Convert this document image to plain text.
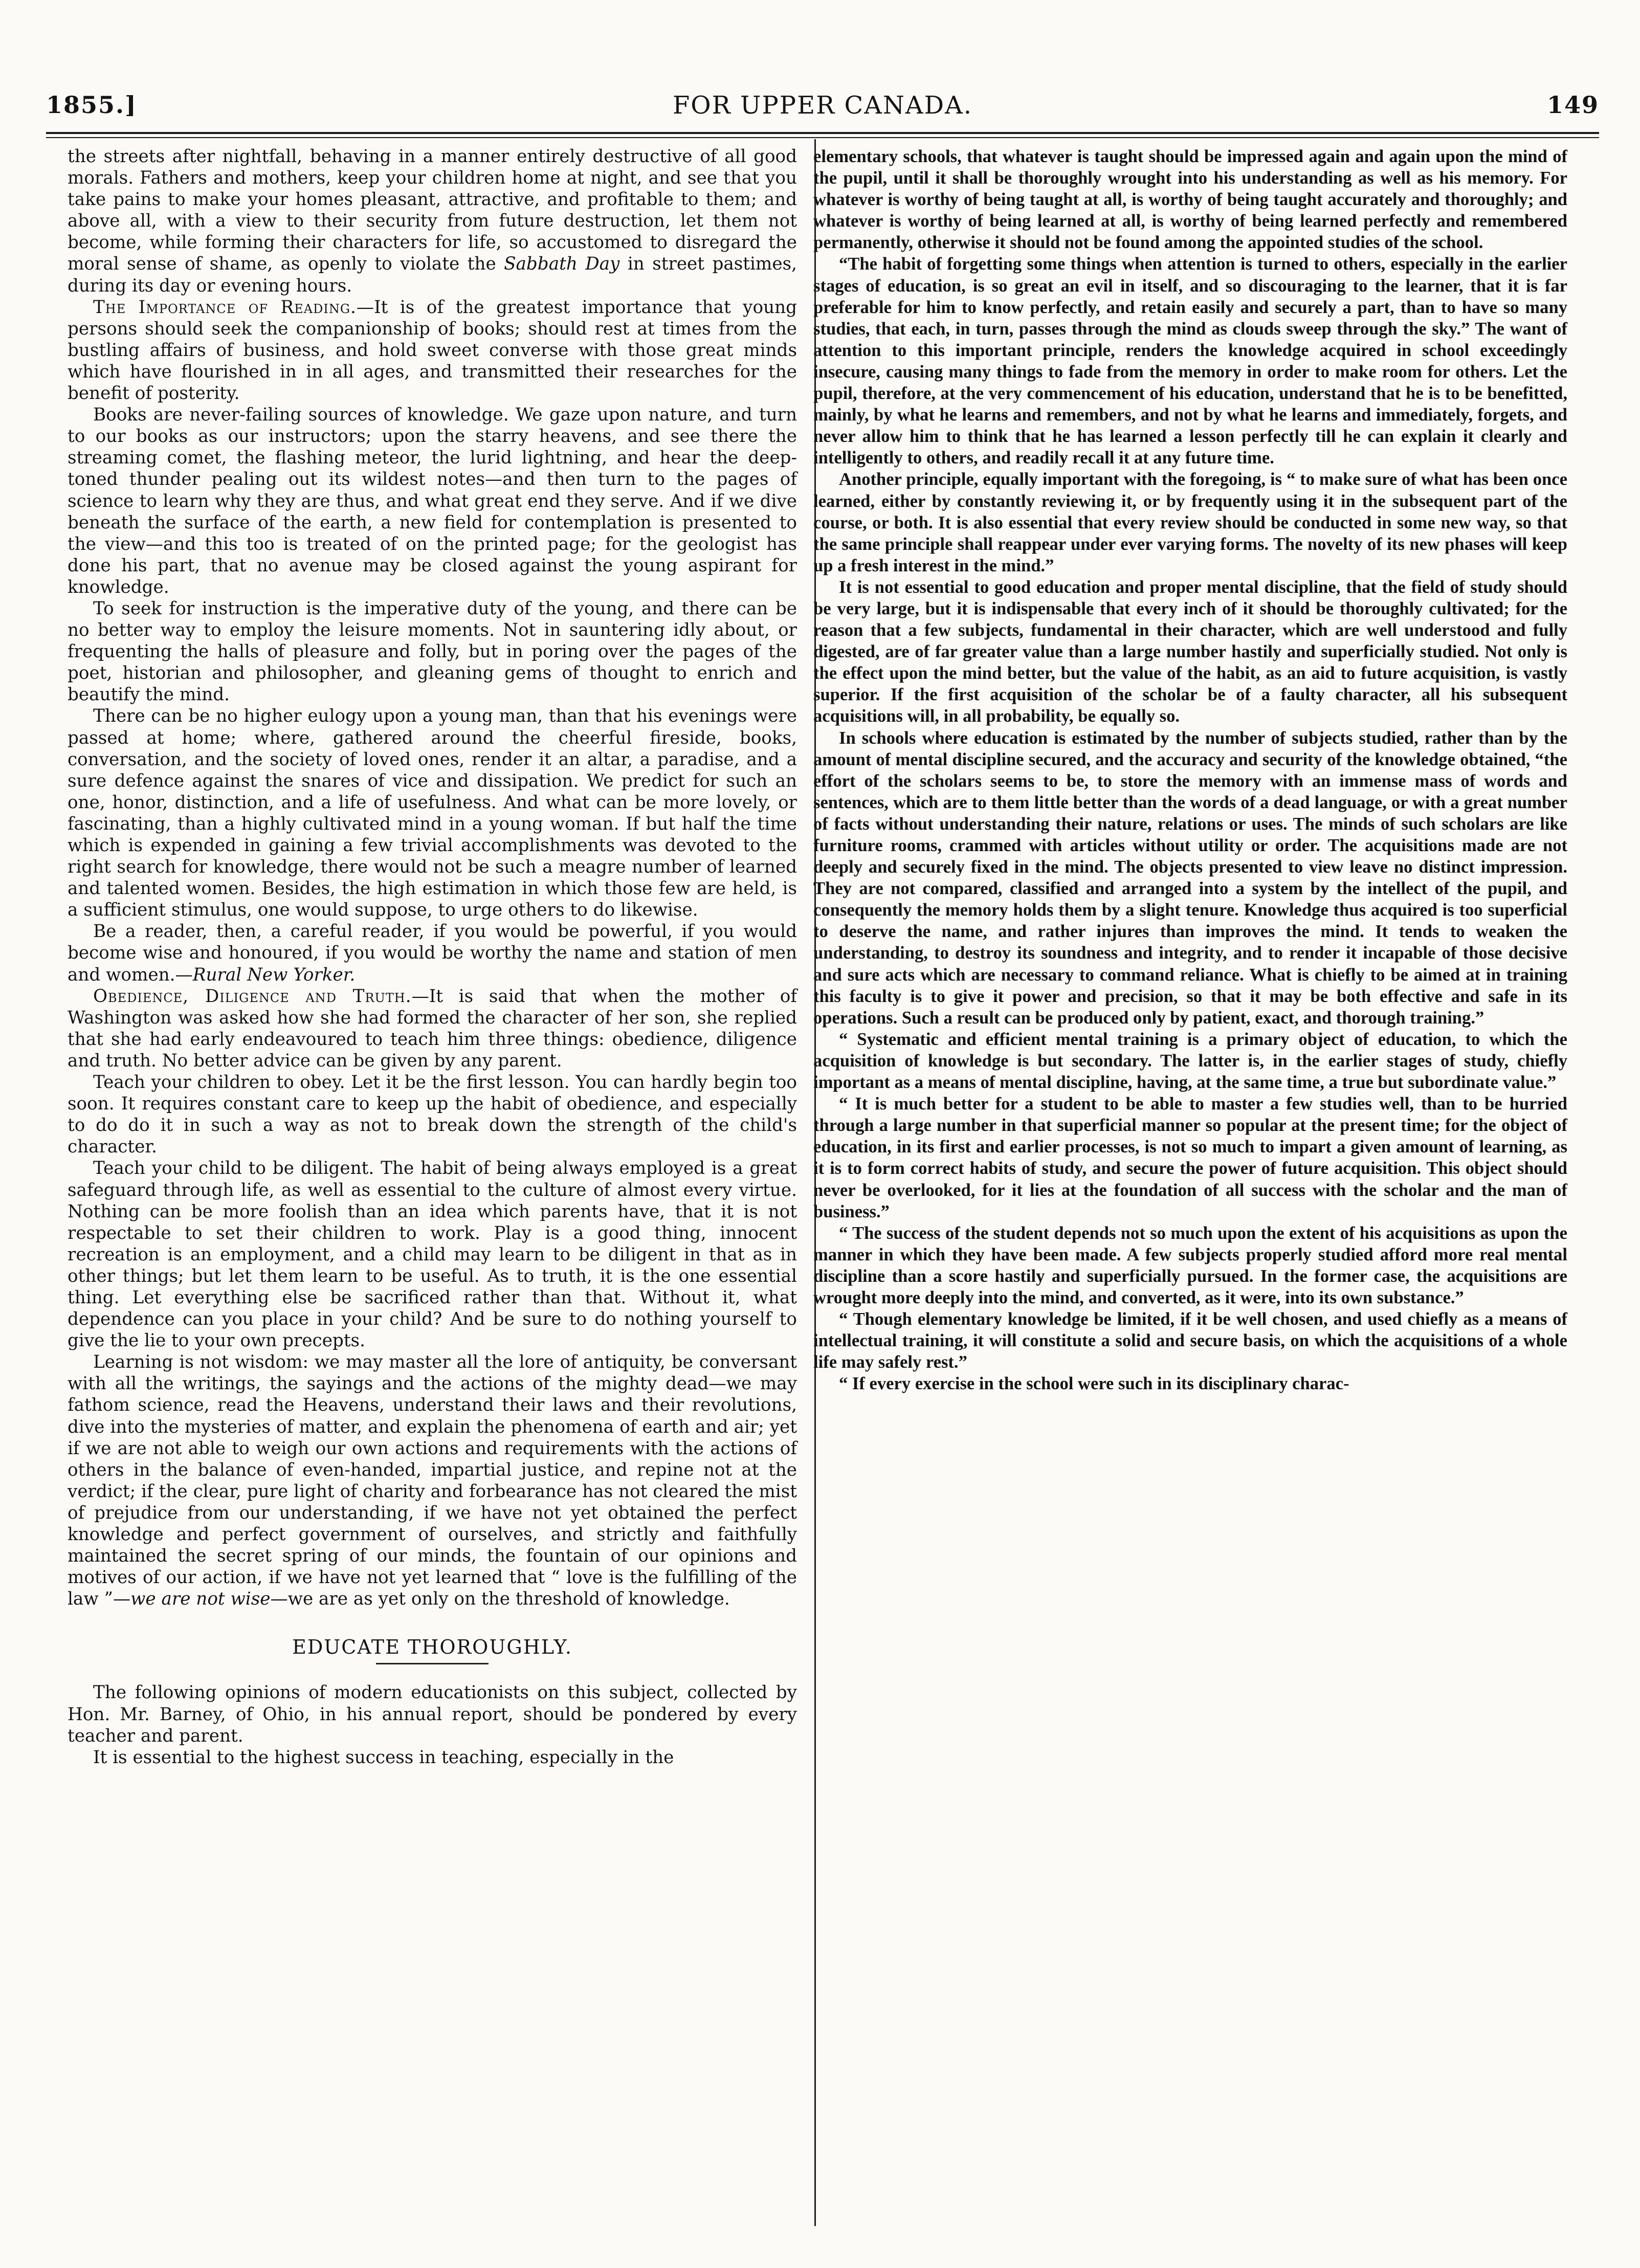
1855.]	FOR UPPER CANADA.	149

the streets after nightfall, behaving in a manner entirely destructive of all good morals. Fathers and mothers, keep your children home at night, and see that you take pains to make your homes pleasant, attractive, and profitable to them; and above all, with a view to their security from future destruction, let them not become, while forming their characters for life, so accustomed to disregard the moral sense of shame, as openly to violate the Sabbath Day in street pastimes, during its day or evening hours.

The Importance of Reading.—It is of the greatest importance that young persons should seek the companionship of books; should rest at times from the bustling affairs of business, and hold sweet converse with those great minds which have flourished in in all ages, and transmitted their researches for the benefit of posterity.

Books are never-failing sources of knowledge. We gaze upon nature, and turn to our books as our instructors; upon the starry heavens, and see there the streaming comet, the flashing meteor, the lurid lightning, and hear the deep-toned thunder pealing out its wildest notes—and then turn to the pages of science to learn why they are thus, and what great end they serve. And if we dive beneath the surface of the earth, a new field for contemplation is presented to the view—and this too is treated of on the printed page; for the geologist has done his part, that no avenue may be closed against the young aspirant for knowledge.

To seek for instruction is the imperative duty of the young, and there can be no better way to employ the leisure moments. Not in sauntering idly about, or frequenting the halls of pleasure and folly, but in poring over the pages of the poet, historian and philosopher, and gleaning gems of thought to enrich and beautify the mind.

There can be no higher eulogy upon a young man, than that his evenings were passed at home; where, gathered around the cheerful fireside, books, conversation, and the society of loved ones, render it an altar, a paradise, and a sure defence against the snares of vice and dissipation. We predict for such an one, honor, distinction, and a life of usefulness. And what can be more lovely, or fascinating, than a highly cultivated mind in a young woman. If but half the time which is expended in gaining a few trivial accomplishments was devoted to the right search for knowledge, there would not be such a meagre number of learned and talented women. Besides, the high estimation in which those few are held, is a sufficient stimulus, one would suppose, to urge others to do likewise.

Be a reader, then, a careful reader, if you would be powerful, if you would become wise and honoured, if you would be worthy the name and station of men and women.—Rural New Yorker.

Obedience, Diligence and Truth.—It is said that when the mother of Washington was asked how she had formed the character of her son, she replied that she had early endeavoured to teach him three things: obedience, diligence and truth. No better advice can be given by any parent.

Teach your children to obey. Let it be the first lesson. You can hardly begin too soon. It requires constant care to keep up the habit of obedience, and especially to do do it in such a way as not to break down the strength of the child's character.

Teach your child to be diligent. The habit of being always employed is a great safeguard through life, as well as essential to the culture of almost every virtue. Nothing can be more foolish than an idea which parents have, that it is not respectable to set their children to work. Play is a good thing, innocent recreation is an employment, and a child may learn to be diligent in that as in other things; but let them learn to be useful. As to truth, it is the one essential thing. Let everything else be sacrificed rather than that. Without it, what dependence can you place in your child? And be sure to do nothing yourself to give the lie to your own precepts.

Learning is not wisdom: we may master all the lore of antiquity, be conversant with all the writings, the sayings and the actions of the mighty dead—we may fathom science, read the Heavens, understand their laws and their revolutions, dive into the mysteries of matter, and explain the phenomena of earth and air; yet if we are not able to weigh our own actions and requirements with the actions of others in the balance of even-handed, impartial justice, and repine not at the verdict; if the clear, pure light of charity and forbearance has not cleared the mist of prejudice from our understanding, if we have not yet obtained the perfect knowledge and perfect government of ourselves, and strictly and faithfully maintained the secret spring of our minds, the fountain of our opinions and motives of our action, if we have not yet learned that “ love is the fulfilling of the law ”—we are not wise—we are as yet only on the threshold of knowledge.

EDUCATE THOROUGHLY.

The following opinions of modern educationists on this subject, collected by Hon. Mr. Barney, of Ohio, in his annual report, should be pondered by every teacher and parent.

It is essential to the highest success in teaching, especially in the

elementary schools, that whatever is taught should be impressed again and again upon the mind of the pupil, until it shall be thoroughly wrought into his understanding as well as his memory. For whatever is worthy of being taught at all, is worthy of being taught accurately and thoroughly; and whatever is worthy of being learned at all, is worthy of being learned perfectly and remembered permanently, otherwise it should not be found among the appointed studies of the school.

“The habit of forgetting some things when attention is turned to others, especially in the earlier stages of education, is so great an evil in itself, and so discouraging to the learner, that it is far preferable for him to know perfectly, and retain easily and securely a part, than to have so many studies, that each, in turn, passes through the mind as clouds sweep through the sky.” The want of attention to this important principle, renders the knowledge acquired in school exceedingly insecure, causing many things to fade from the memory in order to make room for others. Let the pupil, therefore, at the very commencement of his education, understand that he is to be benefitted, mainly, by what he learns and remembers, and not by what he learns and immediately, forgets, and never allow him to think that he has learned a lesson perfectly till he can explain it clearly and intelligently to others, and readily recall it at any future time.

Another principle, equally important with the foregoing, is “ to make sure of what has been once learned, either by constantly reviewing it, or by frequently using it in the subsequent part of the course, or both. It is also essential that every review should be conducted in some new way, so that the same principle shall reappear under ever varying forms. The novelty of its new phases will keep up a fresh interest in the mind.”

It is not essential to good education and proper mental discipline, that the field of study should be very large, but it is indispensable that every inch of it should be thoroughly cultivated; for the reason that a few subjects, fundamental in their character, which are well understood and fully digested, are of far greater value than a large number hastily and superficially studied. Not only is the effect upon the mind better, but the value of the habit, as an aid to future acquisition, is vastly superior. If the first acquisition of the scholar be of a faulty character, all his subsequent acquisitions will, in all probability, be equally so.

In schools where education is estimated by the number of subjects studied, rather than by the amount of mental discipline secured, and the accuracy and security of the knowledge obtained, “the effort of the scholars seems to be, to store the memory with an immense mass of words and sentences, which are to them little better than the words of a dead language, or with a great number of facts without understanding their nature, relations or uses. The minds of such scholars are like furniture rooms, crammed with articles without utility or order. The acquisitions made are not deeply and securely fixed in the mind. The objects presented to view leave no distinct impression. They are not compared, classified and arranged into a system by the intellect of the pupil, and consequently the memory holds them by a slight tenure. Knowledge thus acquired is too superficial to deserve the name, and rather injures than improves the mind. It tends to weaken the understanding, to destroy its soundness and integrity, and to render it incapable of those decisive and sure acts which are necessary to command reliance. What is chiefly to be aimed at in training this faculty is to give it power and precision, so that it may be both effective and safe in its operations. Such a result can be produced only by patient, exact, and thorough training.”

“ Systematic and efficient mental training is a primary object of education, to which the acquisition of knowledge is but secondary. The latter is, in the earlier stages of study, chiefly important as a means of mental discipline, having, at the same time, a true but subordinate value.”

“ It is much better for a student to be able to master a few studies well, than to be hurried through a large number in that superficial manner so popular at the present time; for the object of education, in its first and earlier processes, is not so much to impart a given amount of learning, as it is to form correct habits of study, and secure the power of future acquisition. This object should never be overlooked, for it lies at the foundation of all success with the scholar and the man of business.”

“ The success of the student depends not so much upon the extent of his acquisitions as upon the manner in which they have been made. A few subjects properly studied afford more real mental discipline than a score hastily and superficially pursued. In the former case, the acquisitions are wrought more deeply into the mind, and converted, as it were, into its own substance.”

“ Though elementary knowledge be limited, if it be well chosen, and used chiefly as a means of intellectual training, it will constitute a solid and secure basis, on which the acquisitions of a whole life may safely rest.”

“ If every exercise in the school were such in its disciplinary charac-
